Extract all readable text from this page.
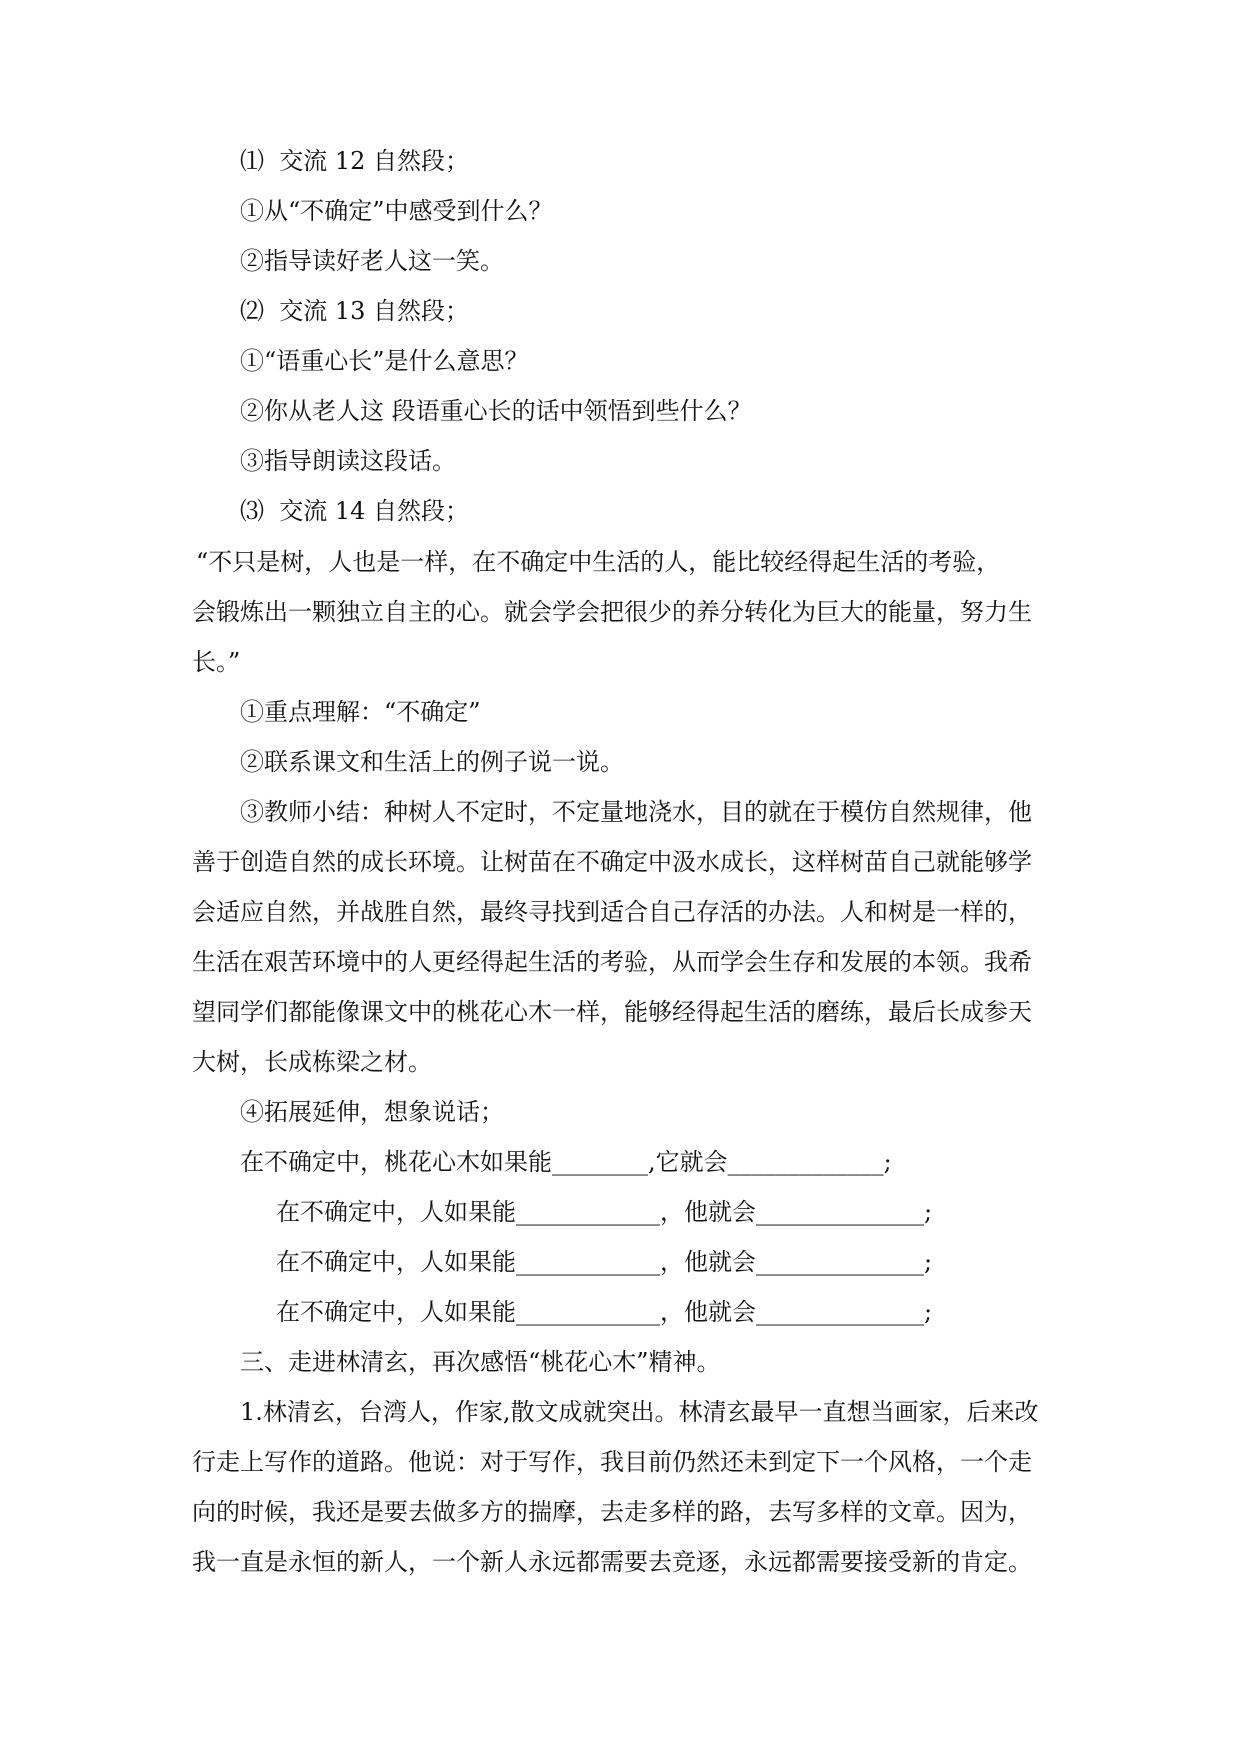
⑴  交流 12 自然段；
①从“不确定”中感受到什么？
②指导读好老人这一笑。
⑵  交流 13 自然段；
①“语重心长”是什么意思？
②你从老人这 段语重心长的话中领悟到些什么？
③指导朗读这段话。
⑶  交流 14 自然段；
“不只是树，人也是一样，在不确定中生活的人，能比较经得起生活的考验，
会锻炼出一颗独立自主的心。就会学会把很少的养分转化为巨大的能量，努力生
长。”
①重点理解：“不确定”
②联系课文和生活上的例子说一说。
③教师小结：种树人不定时，不定量地浇水，目的就在于模仿自然规律，他
善于创造自然的成长环境。让树苗在不确定中汲水成长，这样树苗自己就能够学
会适应自然，并战胜自然，最终寻找到适合自己存活的办法。人和树是一样的，
生活在艰苦环境中的人更经得起生活的考验，从而学会生存和发展的本领。我希
望同学们都能像课文中的桃花心木一样，能够经得起生活的磨练，最后长成参天
大树，长成栋梁之材。
④拓展延伸，想象说话；
在不确定中，桃花心木如果能________,它就会_____________;
在不确定中，人如果能____________，他就会______________;
在不确定中，人如果能____________，他就会______________;
在不确定中，人如果能____________，他就会______________;
三、走进林清玄，再次感悟“桃花心木”精神。
1.林清玄，台湾人，作家,散文成就突出。林清玄最早一直想当画家，后来改
行走上写作的道路。他说：对于写作，我目前仍然还未到定下一个风格，一个走
向的时候，我还是要去做多方的揣摩，去走多样的路，去写多样的文章。因为，
我一直是永恒的新人，一个新人永远都需要去竞逐，永远都需要接受新的肯定。
